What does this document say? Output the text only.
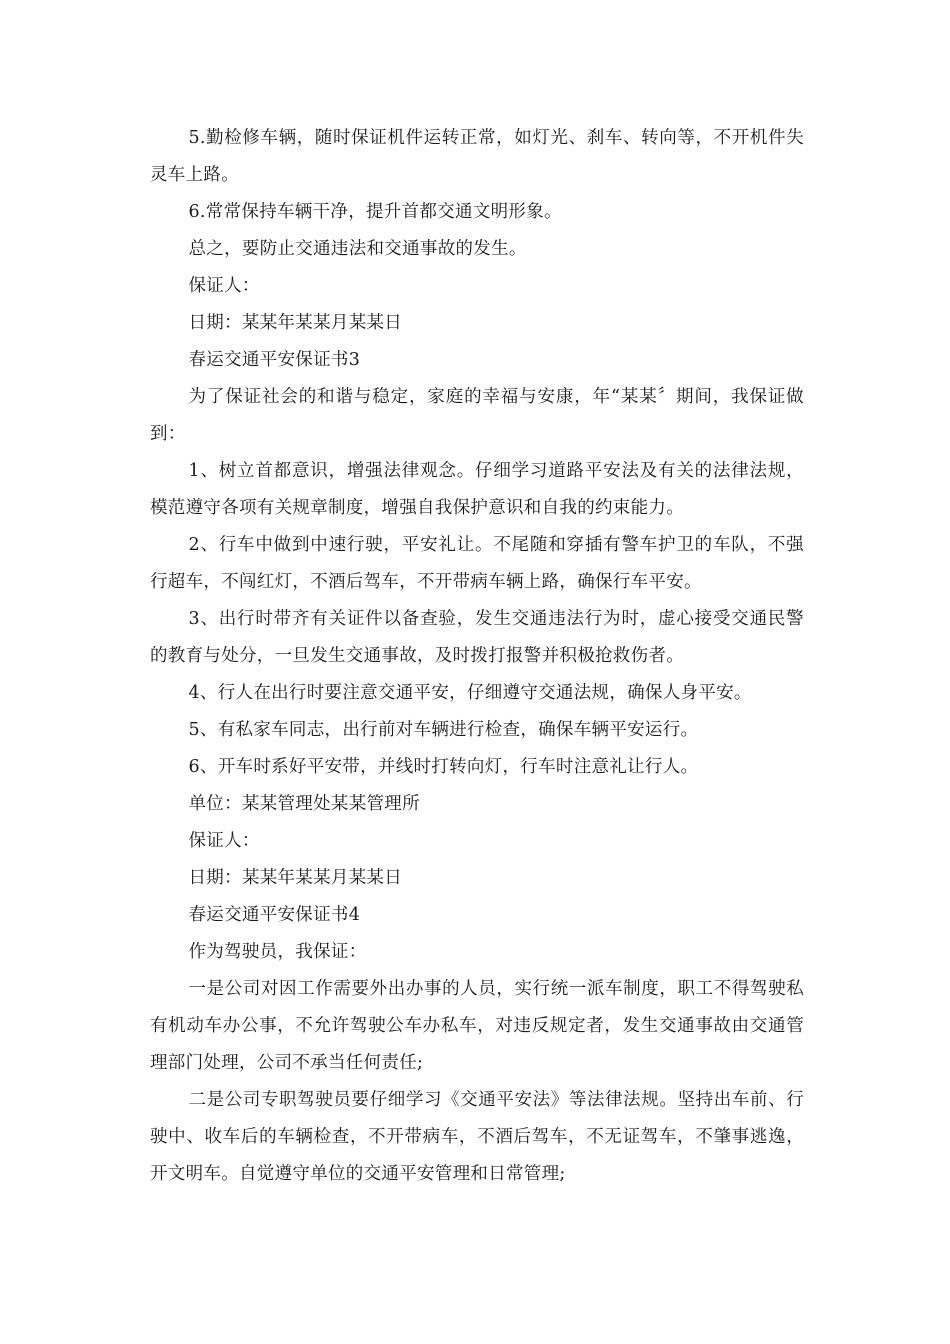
5.勤检修车辆，随时保证机件运转正常，如灯光、刹车、转向等，不开机件失灵车上路。

6.常常保持车辆干净，提升首都交通文明形象。

总之，要防止交通违法和交通事故的发生。

保证人：

日期：某某年某某月某某日

春运交通平安保证书3

为了保证社会的和谐与稳定，家庭的幸福与安康，年“某某〞期间，我保证做到：

1、树立首都意识，增强法律观念。仔细学习道路平安法及有关的法律法规，模范遵守各项有关规章制度，增强自我保护意识和自我的约束能力。

2、行车中做到中速行驶，平安礼让。不尾随和穿插有警车护卫的车队，不强行超车，不闯红灯，不酒后驾车，不开带病车辆上路，确保行车平安。

3、出行时带齐有关证件以备查验，发生交通违法行为时，虚心接受交通民警的教育与处分，一旦发生交通事故，及时拨打报警并积极抢救伤者。

4、行人在出行时要注意交通平安，仔细遵守交通法规，确保人身平安。

5、有私家车同志，出行前对车辆进行检查，确保车辆平安运行。

6、开车时系好平安带，并线时打转向灯，行车时注意礼让行人。

单位：某某管理处某某管理所

保证人：

日期：某某年某某月某某日

春运交通平安保证书4

作为驾驶员，我保证：

一是公司对因工作需要外出办事的人员，实行统一派车制度，职工不得驾驶私有机动车办公事，不允许驾驶公车办私车，对违反规定者，发生交通事故由交通管理部门处理，公司不承当任何责任;

二是公司专职驾驶员要仔细学习《交通平安法》等法律法规。坚持出车前、行驶中、收车后的车辆检查，不开带病车，不酒后驾车，不无证驾车，不肇事逃逸，开文明车。自觉遵守单位的交通平安管理和日常管理;
